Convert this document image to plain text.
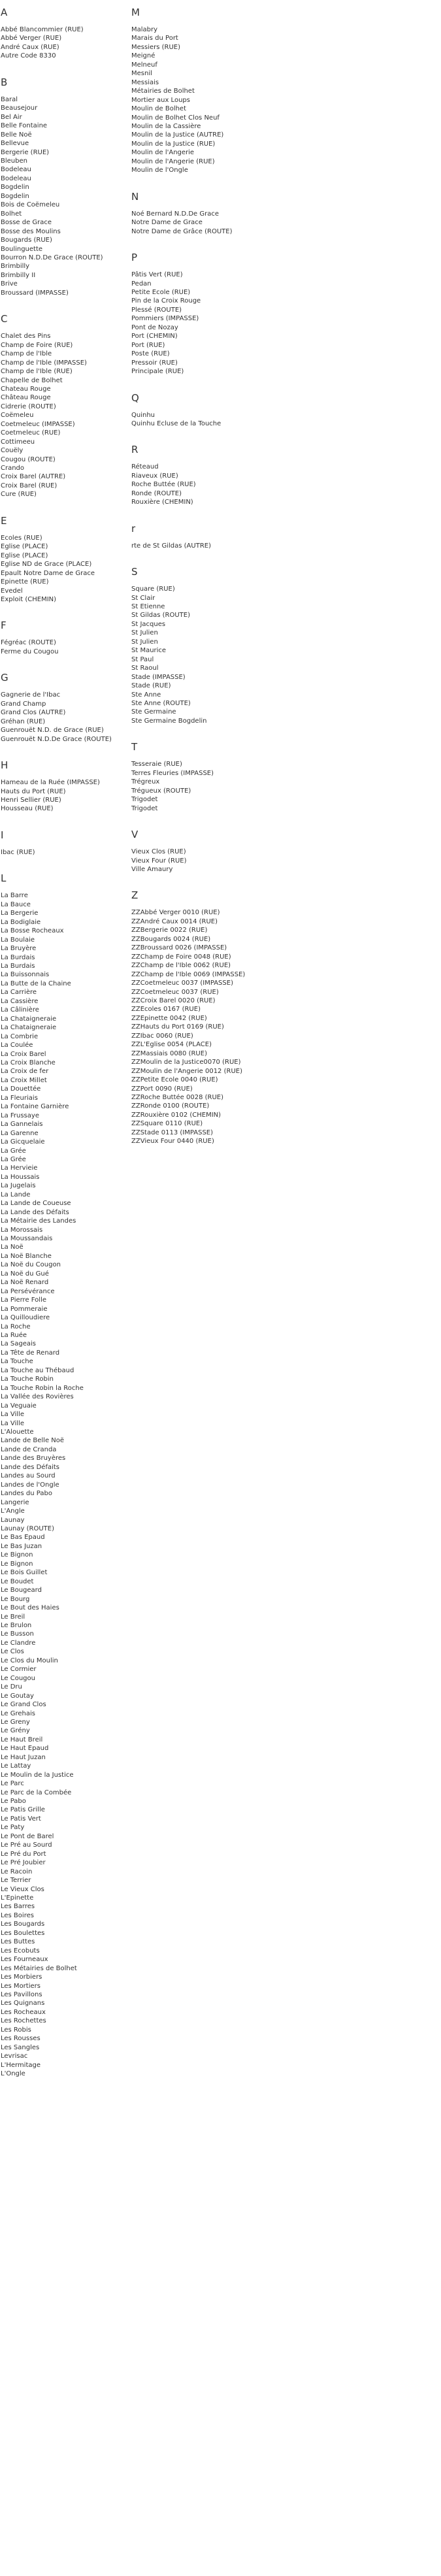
A
Abbé Blancommier (RUE)
Abbé Verger (RUE)
André Caux (RUE)
Autre Code 8330
B
Baral
Beausejour
Bel Air
Belle Fontaine
Belle Noë
Bellevue
Bergerie (RUE)
Bleuben
Bodeleau
Bodeleau
Bogdelin
Bogdelin
Bois de Coëmeleu
Bolhet
Bosse de Grace
Bosse des Moulins
Bougards (RUE)
Boulinguette
Bourron N.D.De Grace (ROUTE)
Brimbilly
Brimbilly II
Brive
Broussard (IMPASSE)
C
Chalet des Pins
Champ de Foire (RUE)
Champ de l'Ible
Champ de l'Ible (IMPASSE)
Champ de l'Ible (RUE)
Chapelle de Bolhet
Chateau Rouge
Château Rouge
Cidrerie (ROUTE)
Coëmeleu
Coetmeleuc (IMPASSE)
Coetmeleuc (RUE)
Cottimeeu
Couëly
Cougou (ROUTE)
Crando
Croix Barel (AUTRE)
Croix Barel (RUE)
Cure (RUE)
E
Ecoles (RUE)
Eglise (PLACE)
Eglise (PLACE)
Eglise ND de Grace (PLACE)
Epault Notre Dame de Grace
Epinette (RUE)
Evedel
Exploit (CHEMIN)
F
Fégréac (ROUTE)
Ferme du Cougou
G
Gagnerie de l'Ibac
Grand Champ
Grand Clos (AUTRE)
Gréhan (RUE)
Guenrouët N.D. de Grace (RUE)
Guenrouët N.D.De Grace (ROUTE)
H
Hameau de la Ruée (IMPASSE)
Hauts du Port (RUE)
Henri Sellier (RUE)
Housseau (RUE)
I
Ibac (RUE)
L
La Barre
La Bauce
La Bergerie
La Bodiglaie
La Bosse Rocheaux
La Boulaie
La Bruyère
La Burdais
La Burdais
La Buissonnais
La Butte de la Chaine
La Carrière
La Cassière
La Câlinière
La Chataigneraie
La Chataigneraie
La Combrie
La Coulée
La Croix Barel
La Croix Blanche
La Croix de fer
La Croix Millet
La Douettée
La Fleuriais
La Fontaine Garnière
La Frussaye
La Gannelais
La Garenne
La Gicquelaie
La Grée
La Grée
La Hervieie
La Houssais
La Jugelais
La Lande
La Lande de Coueuse
La Lande des Défaits
La Métairie des Landes
La Morossais
La Moussandais
La Noë
La Noë Blanche
La Noë du Cougon
La Noë du Gué
La Noë Renard
La Persévérance
La Pierre Folle
La Pommeraie
La Quilloudiere
La Roche
La Ruée
La Sageais
La Tête de Renard
La Touche
La Touche au Thébaud
La Touche Robin
La Touche Robin la Roche
La Vallée des Rovières
La Veguaie
La Ville
La Ville
L'Alouette
Lande de Belle Noë
Lande de Cranda
Lande des Bruyères
Lande des Défaits
Landes au Sourd
Landes de l'Ongle
Landes du Pabo
Langerie
L'Angle
Launay
Launay (ROUTE)
Le Bas Epaud
Le Bas Juzan
Le Bignon
Le Bignon
Le Bois Guillet
Le Boudet
Le Bougeard
Le Bourg
Le Bout des Haies
Le Breil
Le Brulon
Le Busson
Le Clandre
Le Clos
Le Clos du Moulin
Le Cormier
Le Cougou
Le Dru
Le Goutay
Le Grand Clos
Le Grehais
Le Greny
Le Grény
Le Haut Breil
Le Haut Epaud
Le Haut Juzan
Le Lattay
Le Moulin de la Justice
Le Parc
Le Parc de la Combée
Le Pabo
Le Patis Grille
Le Patis Vert
Le Paty
Le Pont de Barel
Le Pré au Sourd
Le Pré du Port
Le Pré Joubier
Le Racoin
Le Terrier
Le Vieux Clos
L'Epinette
Les Barres
Les Boires
Les Bougards
Les Boulettes
Les Buttes
Les Ecobuts
Les Fourneaux
Les Métairies de Bolhet
Les Morbiers
Les Mortiers
Les Pavillons
Les Quignans
Les Rocheaux
Les Rochettes
Les Robis
Les Rousses
Les Sangles
Levrisac
L'Hermitage
L'Ongle
M
Malabry
Marais du Port
Messiers (RUE)
Meigné
Melneuf
Mesnil
Messiais
Métairies de Bolhet
Mortier aux Loups
Moulin de Bolhet
Moulin de Bolhet Clos Neuf
Moulin de la Cassière
Moulin de la Justice (AUTRE)
Moulin de la Justice (RUE)
Moulin de l'Angerie
Moulin de l'Angerie (RUE)
Moulin de l'Ongle
N
Noé Bernard N.D.De Grace
Notre Dame de Grace
Notre Dame de Grâce (ROUTE)
P
Pâtis Vert (RUE)
Pedan
Petite Ecole (RUE)
Pin de la Croix Rouge
Plessé (ROUTE)
Pommiers (IMPASSE)
Pont de Nozay
Port (CHEMIN)
Port (RUE)
Poste (RUE)
Pressoir (RUE)
Principale (RUE)
Q
Quinhu
Quinhu Ecluse de la Touche
R
Réteaud
Riaveux (RUE)
Roche Buttée (RUE)
Ronde (ROUTE)
Rouxière (CHEMIN)
r
rte de St Gildas (AUTRE)
S
Square (RUE)
St Clair
St Etienne
St Gildas (ROUTE)
St Jacques
St Julien
St Julien
St Maurice
St Paul
St Raoul
Stade (IMPASSE)
Stade (RUE)
Ste Anne
Ste Anne (ROUTE)
Ste Germaine
Ste Germaine Bogdelin
T
Tesseraie (RUE)
Terres Fleuries (IMPASSE)
Trégreux
Trégueux (ROUTE)
Trigodet
Trigodet
V
Vieux Clos (RUE)
Vieux Four (RUE)
Ville Amaury
Z
ZZAbbé Verger 0010 (RUE)
ZZAndré Caux 0014 (RUE)
ZZBergerie 0022 (RUE)
ZZBougards 0024 (RUE)
ZZBroussard 0026 (IMPASSE)
ZZChamp de Foire 0048 (RUE)
ZZChamp de l'Ible 0062 (RUE)
ZZChamp de l'Ible 0069 (IMPASSE)
ZZCoetmeleuc 0037 (IMPASSE)
ZZCoetmeleuc 0037 (RUE)
ZZCroix Barel 0020 (RUE)
ZZEcoles 0167 (RUE)
ZZEpinette 0042 (RUE)
ZZHauts du Port 0169 (RUE)
ZZIbac 0060 (RUE)
ZZL'Eglise 0054 (PLACE)
ZZMassiais 0080 (RUE)
ZZMoulin de la Justice0070 (RUE)
ZZMoulin de l'Angerie 0012 (RUE)
ZZPetite Ecole 0040 (RUE)
ZZPort 0090 (RUE)
ZZRoche Buttée 0028 (RUE)
ZZRonde 0100 (ROUTE)
ZZRouxière 0102 (CHEMIN)
ZZSquare 0110 (RUE)
ZZStade 0113 (IMPASSE)
ZZVieux Four 0440 (RUE)
